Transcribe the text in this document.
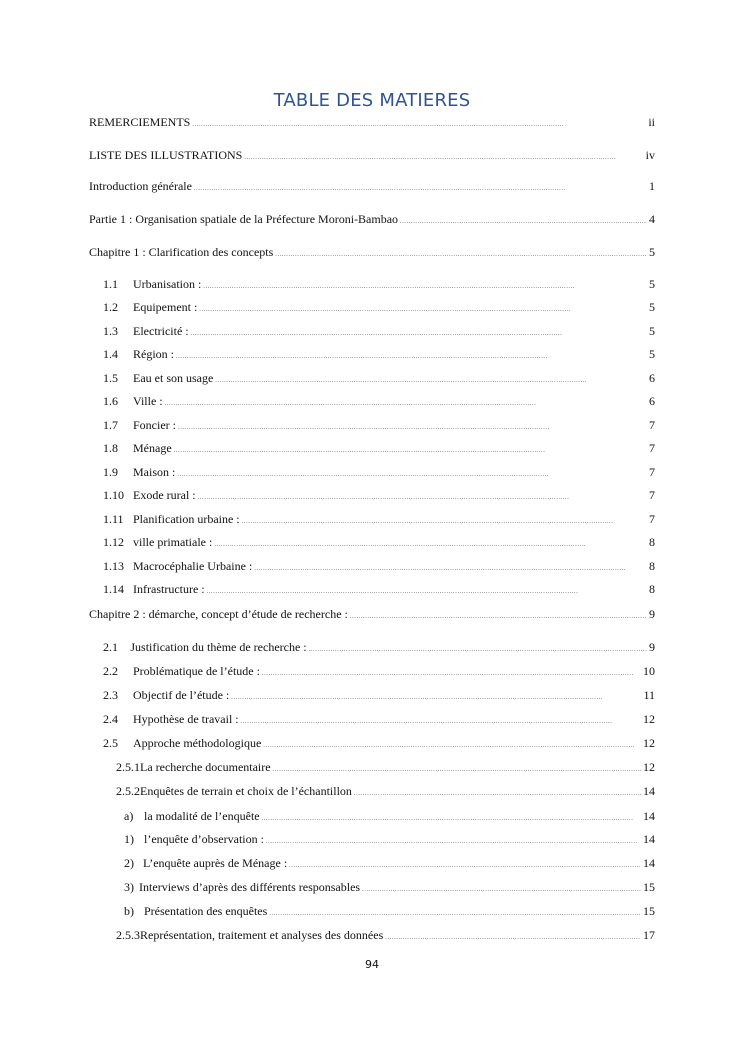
TABLE DES MATIERES
REMERCIEMENTS . . .	ii
LISTE DES ILLUSTRATIONS . . .	iv
Introduction générale . . .	1
Partie 1 : Organisation spatiale de la Préfecture Moroni-Bambao . . .	4
Chapitre 1 : Clarification des concepts . . .	5
1.1	Urbanisation : . . .	5
1.2	Equipement : . . .	5
1.3	Electricité : . . .	5
1.4	Région : . . .	5
1.5	Eau et son usage . . .	6
1.6	Ville : . . .	6
1.7	Foncier : . . .	7
1.8	Ménage . . .	7
1.9	Maison : . . .	7
1.10 Exode rural : . . .	7
1.11 Planification urbaine : . . .	7
1.12 ville primatiale : . . .	8
1.13 Macrocéphalie Urbaine : . . .	8
1.14 Infrastructure : . . .	8
Chapitre 2 : démarche, concept d’étude de recherche : . . .	9
2.1	Justification du thème de recherche : . . .	9
2.2	Problématique de l’étude : . . .	10
2.3	Objectif de l’étude : . . .	11
2.4	Hypothèse de travail : . . .	12
2.5	Approche méthodologique . . .	12
2.5.1 La recherche documentaire . . .	12
2.5.2 Enquêtes de terrain et choix de l’échantillon . . .	14
a) la modalité de l’enquête . . .	14
1) l’enquête d’observation : . . .	14
2) L’enquête auprès de Ménage : . . .	14
3) Interviews d’après des différents responsables . . .	15
b) Présentation des enquêtes . . .	15
2.5.3 Représentation, traitement et analyses des données . . .	17
94
